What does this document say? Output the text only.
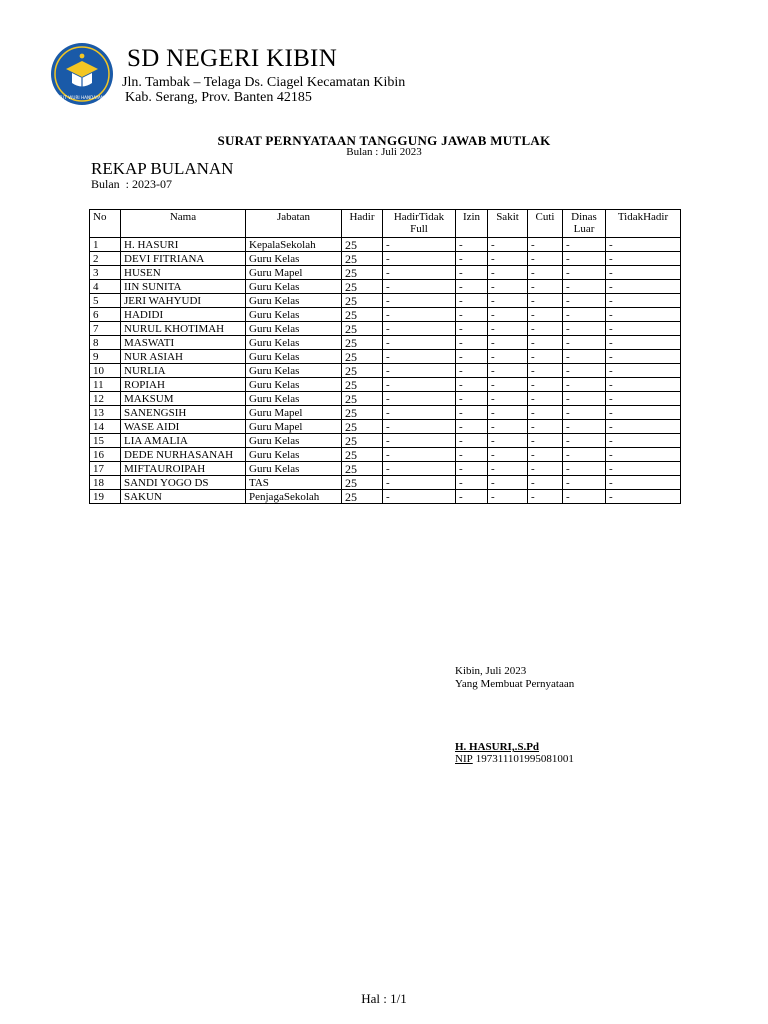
TUT WURI HANDAYANI
SD NEGERI KIBIN
Jln. Tambak – Telaga Ds. Ciagel Kecamatan Kibin
Kab. Serang, Prov. Banten 42185
SURAT PERNYATAAN TANGGUNG JAWAB MUTLAK
Bulan : Juli 2023
REKAP BULANAN
Bulan : 2023-07
No	Nama	Jabatan	Hadir	HadirTidak Full	Izin	Sakit	Cuti	Dinas Luar	TidakHadir
1	H. HASURI	KepalaSekolah	25	-	-	-	-	-	-
2	DEVI FITRIANA	Guru Kelas	25	-	-	-	-	-	-
3	HUSEN	Guru Mapel	25	-	-	-	-	-	-
4	IIN SUNITA	Guru Kelas	25	-	-	-	-	-	-
5	JERI WAHYUDI	Guru Kelas	25	-	-	-	-	-	-
6	HADIDI	Guru Kelas	25	-	-	-	-	-	-
7	NURUL KHOTIMAH	Guru Kelas	25	-	-	-	-	-	-
8	MASWATI	Guru Kelas	25	-	-	-	-	-	-
9	NUR ASIAH	Guru Kelas	25	-	-	-	-	-	-
10	NURLIA	Guru Kelas	25	-	-	-	-	-	-
11	ROPIAH	Guru Kelas	25	-	-	-	-	-	-
12	MAKSUM	Guru Kelas	25	-	-	-	-	-	-
13	SANENGSIH	Guru Mapel	25	-	-	-	-	-	-
14	WASE AIDI	Guru Mapel	25	-	-	-	-	-	-
15	LIA AMALIA	Guru Kelas	25	-	-	-	-	-	-
16	DEDE NURHASANAH	Guru Kelas	25	-	-	-	-	-	-
17	MIFTAUROIPAH	Guru Kelas	25	-	-	-	-	-	-
18	SANDI YOGO DS	TAS	25	-	-	-	-	-	-
19	SAKUN	PenjagaSekolah	25	-	-	-	-	-	-
Kibin, Juli 2023
Yang Membuat Pernyataan
H. HASURI,.S.Pd
NIP 197311101995081001
Hal : 1/1
